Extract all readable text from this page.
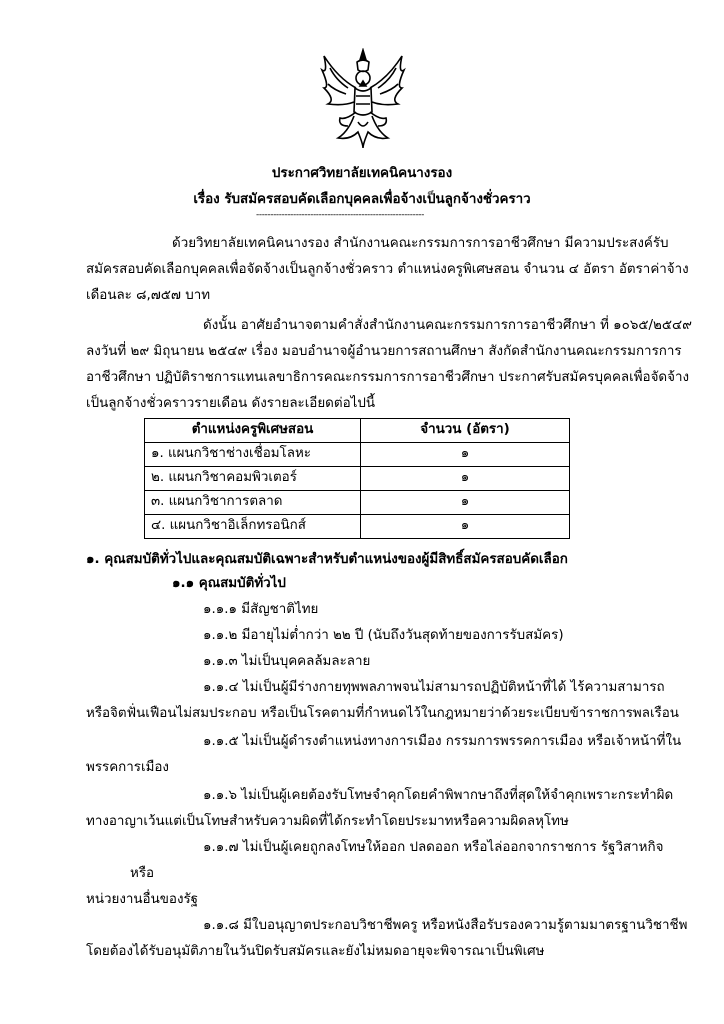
ประกาศวิทยาลัยเทคนิคนางรอง
เรื่อง รับสมัครสอบคัดเลือกบุคคลเพื่อจ้างเป็นลูกจ้างชั่วคราว
-----------------------------------------------------------
ด้วยวิทยาลัยเทคนิคนางรอง สำนักงานคณะกรรมการการอาชีวศึกษา มีความประสงค์รับ
สมัครสอบคัดเลือกบุคคลเพื่อจัดจ้างเป็นลูกจ้างชั่วคราว ตำแหน่งครูพิเศษสอน จำนวน ๔ อัตรา อัตราค่าจ้าง
เดือนละ ๘,๗๕๗ บาท
ดังนั้น อาศัยอำนาจตามคำสั่งสำนักงานคณะกรรมการการอาชีวศึกษา ที่ ๑๐๖๕/๒๕๔๙
ลงวันที่ ๒๙ มิถุนายน ๒๕๔๙ เรื่อง มอบอำนาจผู้อำนวยการสถานศึกษา สังกัดสำนักงานคณะกรรมการการ
อาชีวศึกษา ปฏิบัติราชการแทนเลขาธิการคณะกรรมการการอาชีวศึกษา ประกาศรับสมัครบุคคลเพื่อจัดจ้าง
เป็นลูกจ้างชั่วคราวรายเดือน ดังรายละเอียดต่อไปนี้
ตำแหน่งครูพิเศษสอน	จำนวน (อัตรา)
๑. แผนกวิชาช่างเชื่อมโลหะ	๑
๒. แผนกวิชาคอมพิวเตอร์	๑
๓. แผนกวิชาการตลาด	๑
๔. แผนกวิชาอิเล็กทรอนิกส์	๑
๑. คุณสมบัติทั่วไปและคุณสมบัติเฉพาะสำหรับตำแหน่งของผู้มีสิทธิ์สมัครสอบคัดเลือก
๑.๑ คุณสมบัติทั่วไป
๑.๑.๑ มีสัญชาติไทย
๑.๑.๒ มีอายุไม่ต่ำกว่า ๒๒ ปี (นับถึงวันสุดท้ายของการรับสมัคร)
๑.๑.๓ ไม่เป็นบุคคลล้มละลาย
๑.๑.๔ ไม่เป็นผู้มีร่างกายทุพพลภาพจนไม่สามารถปฏิบัติหน้าที่ได้ ไร้ความสามารถ
หรือจิตฟั่นเฟือนไม่สมประกอบ หรือเป็นโรคตามที่กำหนดไว้ในกฎหมายว่าด้วยระเบียบข้าราชการพลเรือน
๑.๑.๕ ไม่เป็นผู้ดำรงตำแหน่งทางการเมือง กรรมการพรรคการเมือง หรือเจ้าหน้าที่ใน
พรรคการเมือง
๑.๑.๖ ไม่เป็นผู้เคยต้องรับโทษจำคุกโดยคำพิพากษาถึงที่สุดให้จำคุกเพราะกระทำผิด
ทางอาญาเว้นแต่เป็นโทษสำหรับความผิดที่ได้กระทำโดยประมาทหรือความผิดลหุโทษ
๑.๑.๗ ไม่เป็นผู้เคยถูกลงโทษให้ออก ปลดออก หรือไล่ออกจากราชการ รัฐวิสาหกิจ
หรือ
หน่วยงานอื่นของรัฐ
๑.๑.๘ มีใบอนุญาตประกอบวิชาชีพครู หรือหนังสือรับรองความรู้ตามมาตรฐานวิชาชีพ
โดยต้องได้รับอนุมัติภายในวันปิดรับสมัครและยังไม่หมดอายุจะพิจารณาเป็นพิเศษ
